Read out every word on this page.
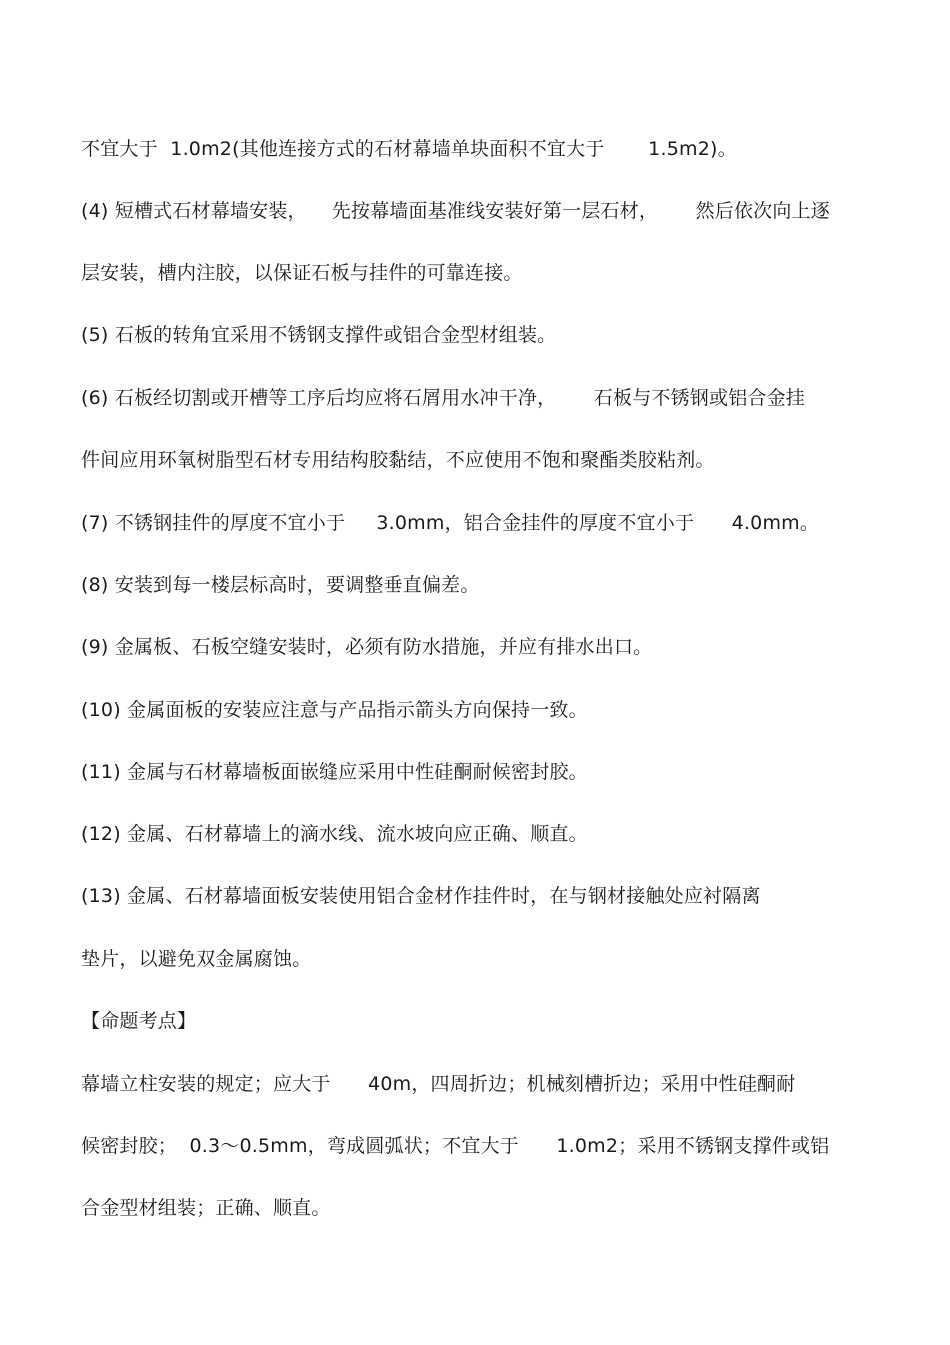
不宜大于  1.0m2(其他连接方式的石材幕墙单块面积不宜大于       1.5m2)。
(4) 短槽式石材幕墙安装，    先按幕墙面基准线安装好第一层石材，      然后依次向上逐
层安装，槽内注胶，以保证石板与挂件的可靠连接。
(5) 石板的转角宜采用不锈钢支撑件或铝合金型材组装。
(6) 石板经切割或开槽等工序后均应将石屑用水冲干净，      石板与不锈钢或铝合金挂
件间应用环氧树脂型石材专用结构胶黏结，不应使用不饱和聚酯类胶粘剂。
(7) 不锈钢挂件的厚度不宜小于     3.0mm，铝合金挂件的厚度不宜小于      4.0mm。
(8) 安装到每一楼层标高时，要调整垂直偏差。
(9) 金属板、石板空缝安装时，必须有防水措施，并应有排水出口。
(10) 金属面板的安装应注意与产品指示箭头方向保持一致。
(11) 金属与石材幕墙板面嵌缝应采用中性硅酮耐候密封胶。
(12) 金属、石材幕墙上的滴水线、流水坡向应正确、顺直。
(13) 金属、石材幕墙面板安装使用铝合金材作挂件时，在与钢材接触处应衬隔离
垫片，以避免双金属腐蚀。
【命题考点】
幕墙立柱安装的规定；应大于      40m，四周折边；机械刻槽折边；采用中性硅酮耐
候密封胶；  0.3～0.5mm，弯成圆弧状；不宜大于      1.0m2；采用不锈钢支撑件或铝
合金型材组装；正确、顺直。
